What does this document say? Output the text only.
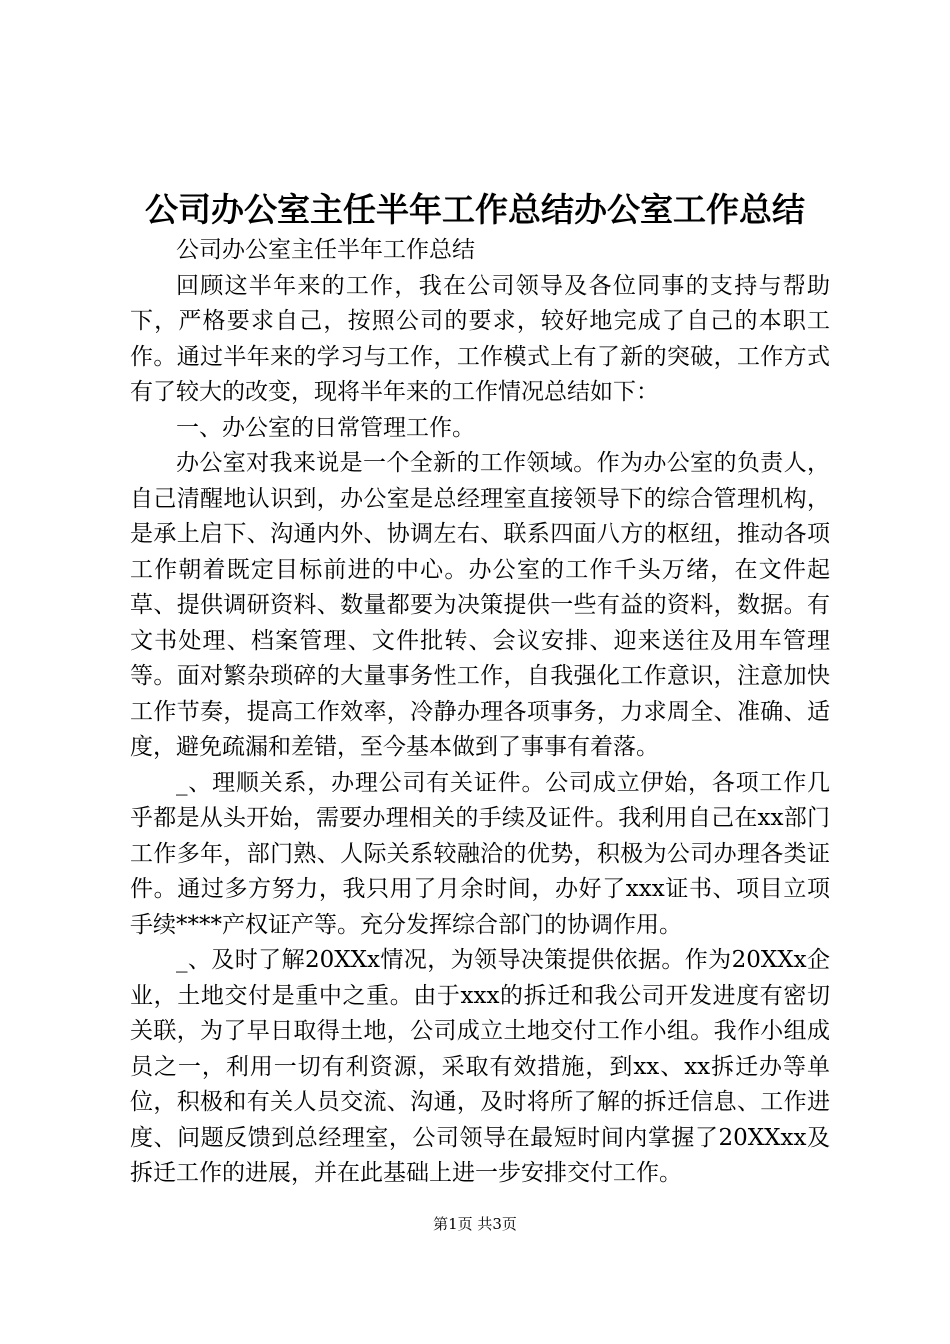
公司办公室主任半年工作总结办公室工作总结

公司办公室主任半年工作总结

回顾这半年来的工作，我在公司领导及各位同事的支持与帮助下，严格要求自己，按照公司的要求，较好地完成了自己的本职工作。通过半年来的学习与工作，工作模式上有了新的突破，工作方式有了较大的改变，现将半年来的工作情况总结如下：

一、办公室的日常管理工作。

办公室对我来说是一个全新的工作领域。作为办公室的负责人，自己清醒地认识到，办公室是总经理室直接领导下的综合管理机构，是承上启下、沟通内外、协调左右、联系四面八方的枢纽，推动各项工作朝着既定目标前进的中心。办公室的工作千头万绪，在文件起草、提供调研资料、数量都要为决策提供一些有益的资料，数据。有文书处理、档案管理、文件批转、会议安排、迎来送往及用车管理等。面对繁杂琐碎的大量事务性工作，自我强化工作意识，注意加快工作节奏，提高工作效率，冷静办理各项事务，力求周全、准确、适度，避免疏漏和差错，至今基本做到了事事有着落。

_、理顺关系，办理公司有关证件。公司成立伊始，各项工作几乎都是从头开始，需要办理相关的手续及证件。我利用自己在xx部门工作多年，部门熟、人际关系较融洽的优势，积极为公司办理各类证件。通过多方努力，我只用了月余时间，办好了xxx证书、项目立项手续****产权证产等。充分发挥综合部门的协调作用。

_、及时了解20XXx情况，为领导决策提供依据。作为20XXx企业，土地交付是重中之重。由于xxx的拆迁和我公司开发进度有密切关联，为了早日取得土地，公司成立土地交付工作小组。我作小组成员之一，利用一切有利资源，采取有效措施，到xx、xx拆迁办等单位，积极和有关人员交流、沟通，及时将所了解的拆迁信息、工作进度、问题反馈到总经理室，公司领导在最短时间内掌握了20XXxx及拆迁工作的进展，并在此基础上进一步安排交付工作。

第1页 共3页
